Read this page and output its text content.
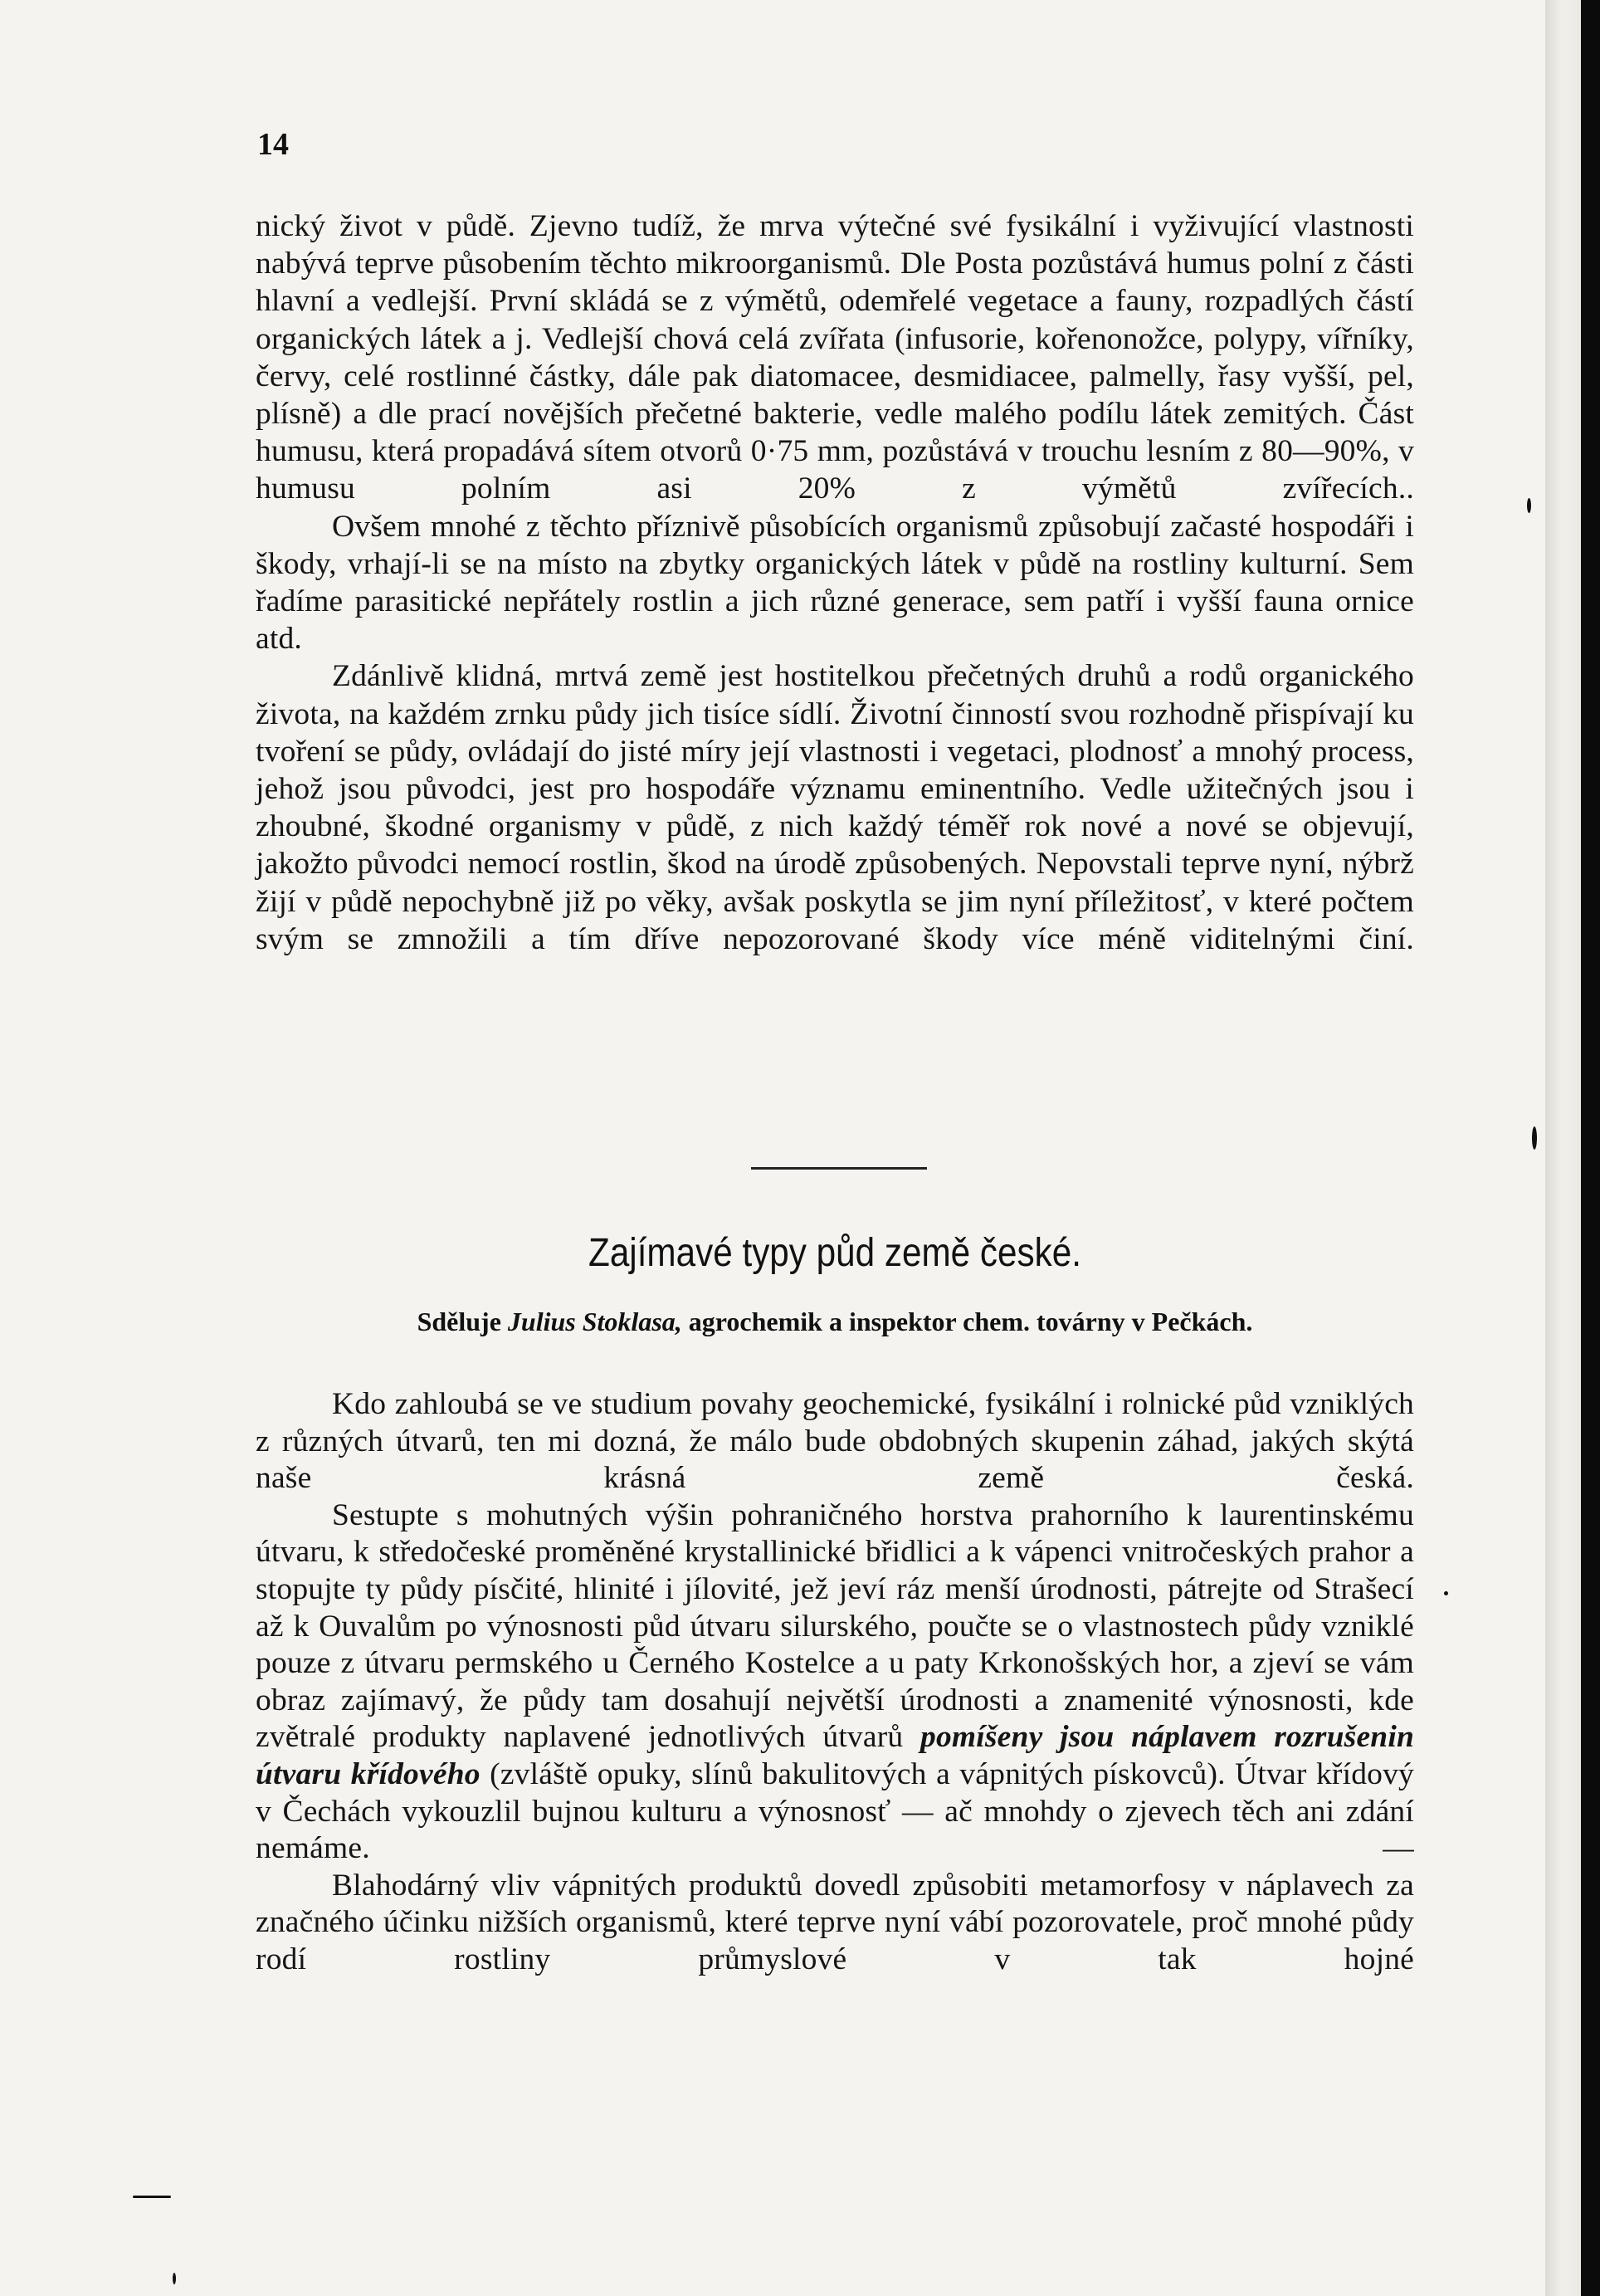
14

nický život v půdě. Zjevno tudíž, že mrva výtečné své fysikální i vyživující vlastnosti nabývá teprve působením těchto mikroorganismů. Dle Posta pozůstává humus polní z části hlavní a vedlejší. První skládá se z výmětů, odemřelé vegetace a fauny, rozpadlých částí organických látek a j. Vedlejší chová celá zvířata (infusorie, kořenonožce, polypy, vířníky, červy, celé rostlinné částky, dále pak diatomacee, desmidiacee, palmelly, řasy vyšší, pel, plísně) a dle prací novějších přečetné bakterie, vedle malého podílu látek zemitých. Část humusu, která propadává sítem otvorů 0·75 mm, pozůstává v trouchu lesním z 80—90%, v humusu polním asi 20% z výmětů zvířecích..

Ovšem mnohé z těchto příznivě působících organismů způsobují začasté hospodáři i škody, vrhají-li se na místo na zbytky organických látek v půdě na rostliny kulturní. Sem řadíme parasitické nepřátely rostlin a jich různé generace, sem patří i vyšší fauna ornice atd.

Zdánlivě klidná, mrtvá země jest hostitelkou přečetných druhů a rodů organického života, na každém zrnku půdy jich tisíce sídlí. Životní činností svou rozhodně přispívají ku tvoření se půdy, ovládají do jisté míry její vlastnosti i vegetaci, plodnosť a mnohý process, jehož jsou původci, jest pro hospodáře významu eminentního. Vedle užitečných jsou i zhoubné, škodné organismy v půdě, z nich každý téměř rok nové a nové se objevují, jakožto původci nemocí rostlin, škod na úrodě způsobených. Nepovstali teprve nyní, nýbrž žijí v půdě nepochybně již po věky, avšak poskytla se jim nyní příležitosť, v které počtem svým se zmnožili a tím dříve nepozorované škody více méně viditelnými činí.

Zajímavé typy půd země české.

Sděluje Julius Stoklasa, agrochemik a inspektor chem. továrny v Pečkách.

Kdo zahloubá se ve studium povahy geochemické, fysikální i rolnické půd vzniklých z různých útvarů, ten mi dozná, že málo bude obdobných skupenin záhad, jakých skýtá naše krásná země česká.

Sestupte s mohutných výšin pohraničného horstva prahorního k laurentinskému útvaru, k středočeské proměněné krystallinické břidlici a k vápenci vnitročeských prahor a stopujte ty půdy písčité, hlinité i jílovité, jež jeví ráz menší úrodnosti, pátrejte od Strašecí až k Ouvalům po výnosnosti půd útvaru silurského, poučte se o vlastnostech půdy vzniklé pouze z útvaru permského u Černého Kostelce a u paty Krkonošských hor, a zjeví se vám obraz zajímavý, že půdy tam dosahují největší úrodnosti a znamenité výnosnosti, kde zvětralé produkty naplavené jednotlivých útvarů pomíšeny jsou náplavem rozrušenin útvaru křídového (zvláště opuky, slínů bakulitových a vápnitých pískovců). Útvar křídový v Čechách vykouzlil bujnou kulturu a výnosnosť — ač mnohdy o zjevech těch ani zdání nemáme. —

Blahodárný vliv vápnitých produktů dovedl způsobiti metamorfosy v náplavech za značného účinku nižších organismů, které teprve nyní vábí pozorovatele, proč mnohé půdy rodí rostliny průmyslové v tak hojné
